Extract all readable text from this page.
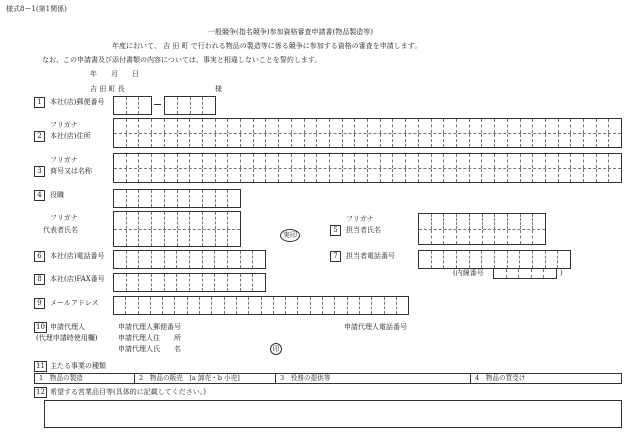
様式8ー1(第1関係)
一般競争(指名競争)参加資格審査申請書(物品製造等)
年度において、 吉 田 町 で行われる物品の製造等に係る競争に参加する資格の審査を申請します。
なお、この申請書及び添付書類の内容については、事実と相違しないことを誓約します。
年　　月　　日
吉 田 町 長	様
1	本社(店)郵便番号
フリガナ
2	本社(店)住所
フリガナ
3	商号又は名称
4	役職
フリガナ
代表者氏名
実印
フリガナ
5	担当者氏名
6	本社(店)電話番号	7	担当者電話番号
(内線番号	)
8	本社(店)FAX番号
9	メールアドレス
10 申請代理人
(代理申請時使用欄)
申請代理人郵便番号
申請代理人住　　所
申請代理人氏　　名
申請代理人電話番号
印
11 主たる事業の種類
1　物品の製造	2　物品の販売　[a 卸売・b 小売]	3　役務の提供等	4　物品の買受け
12 希望する営業品目等(具体的に記載してください。)
